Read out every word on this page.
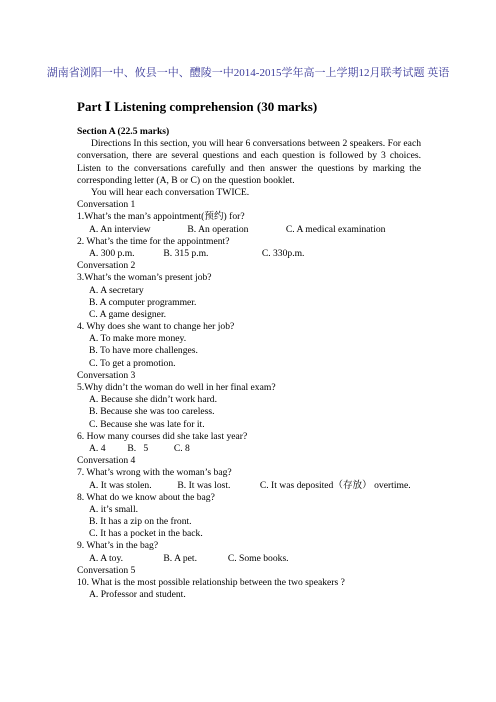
湖南省浏阳一中、攸县一中、醴陵一中2014-2015学年高一上学期12月联考试题 英语
Part Ⅰ Listening comprehension (30 marks)
Section A (22.5 marks)
Directions In this section, you will hear 6 conversations between 2 speakers. For each conversation, there are several questions and each question is followed by 3 choices. Listen to the conversations carefully and then answer the questions by marking the corresponding letter (A, B or C) on the question booklet.
You will hear each conversation TWICE.
Conversation 1
1.What’s the man’s appointment(预约) for?
A. An interview	B. An operation	C. A medical examination
2. What’s the time for the appointment?
A. 300 p.m.	B. 315 p.m.	C. 330p.m.
Conversation 2
3.What’s the woman’s present job?
A. A secretary
B. A computer programmer.
C. A game designer.
4. Why does she want to change her job?
A. To make more money.
B. To have more challenges.
C. To get a promotion.
Conversation 3
5.Why didn’t the woman do well in her final exam?
A. Because she didn’t work hard.
B. Because she was too careless.
C. Because she was late for it.
6. How many courses did she take last year?
A. 4 B.   5	C. 8
Conversation 4
7. What’s wrong with the woman’s bag?
A. It was stolen.	B. It was lost.	C. It was deposited（存放） overtime.
8. What do we know about the bag?
A. it’s small.
B. It has a zip on the front.
C. It has a pocket in the back.
9. What’s in the bag?
A. A toy.	B. A pet.	C. Some books.
Conversation 5
10. What is the most possible relationship between the two speakers ?
A. Professor and student.
